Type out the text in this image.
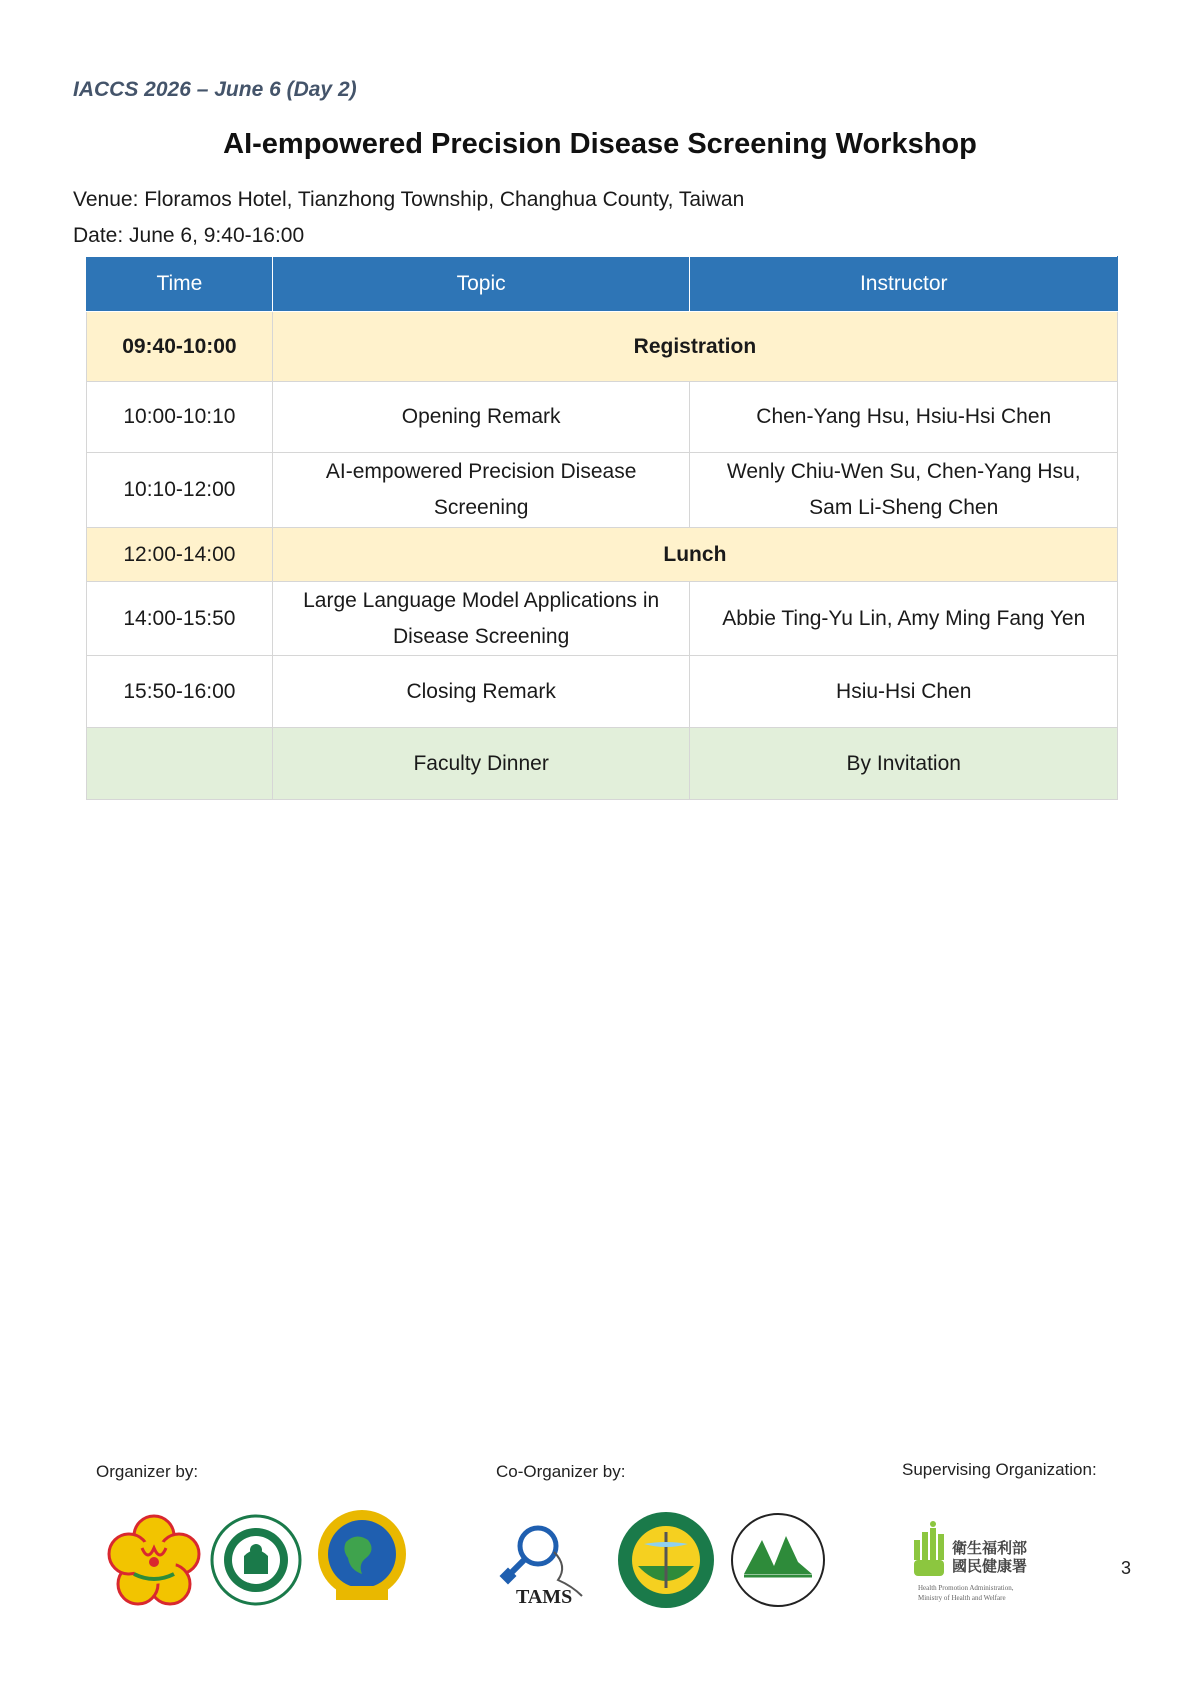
IACCS 2026 – June 6 (Day 2)
AI-empowered Precision Disease Screening Workshop
Venue: Floramos Hotel, Tianzhong Township, Changhua County, Taiwan
Date: June 6, 9:40-16:00
Time	Topic	Instructor
09:40-10:00	Registration	
10:00-10:10	Opening Remark	Chen-Yang Hsu, Hsiu-Hsi Chen
10:10-12:00	AI-empowered Precision Disease Screening	Wenly Chiu-Wen Su, Chen-Yang Hsu, Sam Li-Sheng Chen
12:00-14:00	Lunch	
14:00-15:50	Large Language Model Applications in Disease Screening	Abbie Ting-Yu Lin, Amy Ming Fang Yen
15:50-16:00	Closing Remark	Hsiu-Hsi Chen
	Faculty Dinner	By Invitation
Organizer by:	Co-Organizer by:	Supervising Organization:
TAMS
衛生福利部
國民健康署
Health Promotion Administration,
Ministry of Health and Welfare
3
